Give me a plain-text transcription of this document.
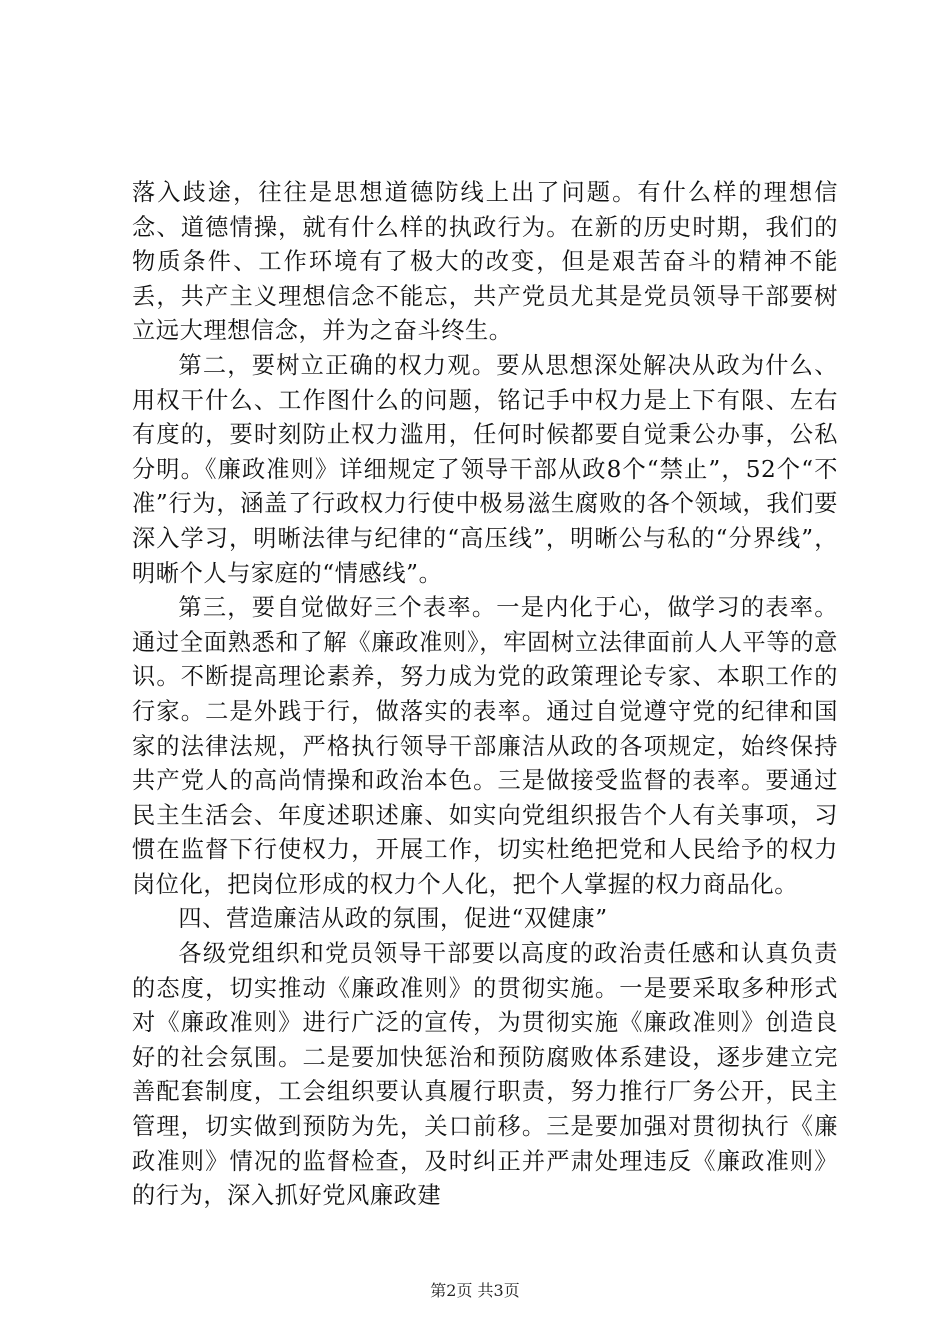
落入歧途，往往是思想道德防线上出了问题。有什么样的理想信念、道德情操，就有什么样的执政行为。在新的历史时期，我们的物质条件、工作环境有了极大的改变，但是艰苦奋斗的精神不能丢，共产主义理想信念不能忘，共产党员尤其是党员领导干部要树立远大理想信念，并为之奋斗终生。

第二，要树立正确的权力观。要从思想深处解决从政为什么、用权干什么、工作图什么的问题，铭记手中权力是上下有限、左右有度的，要时刻防止权力滥用，任何时候都要自觉秉公办事，公私分明。《廉政准则》详细规定了领导干部从政8个“禁止”，52个“不准”行为，涵盖了行政权力行使中极易滋生腐败的各个领域，我们要深入学习，明晰法律与纪律的“高压线”，明晰公与私的“分界线”，明晰个人与家庭的“情感线”。

第三，要自觉做好三个表率。一是内化于心，做学习的表率。通过全面熟悉和了解《廉政准则》，牢固树立法律面前人人平等的意识。不断提高理论素养，努力成为党的政策理论专家、本职工作的行家。二是外践于行，做落实的表率。通过自觉遵守党的纪律和国家的法律法规，严格执行领导干部廉洁从政的各项规定，始终保持共产党人的高尚情操和政治本色。三是做接受监督的表率。要通过民主生活会、年度述职述廉、如实向党组织报告个人有关事项，习惯在监督下行使权力，开展工作，切实杜绝把党和人民给予的权力岗位化，把岗位形成的权力个人化，把个人掌握的权力商品化。

四、营造廉洁从政的氛围，促进“双健康”

各级党组织和党员领导干部要以高度的政治责任感和认真负责的态度，切实推动《廉政准则》的贯彻实施。一是要采取多种形式对《廉政准则》进行广泛的宣传，为贯彻实施《廉政准则》创造良好的社会氛围。二是要加快惩治和预防腐败体系建设，逐步建立完善配套制度，工会组织要认真履行职责，努力推行厂务公开，民主管理，切实做到预防为先，关口前移。三是要加强对贯彻执行《廉政准则》情况的监督检查，及时纠正并严肃处理违反《廉政准则》的行为，深入抓好党风廉政建

第2页 共3页
